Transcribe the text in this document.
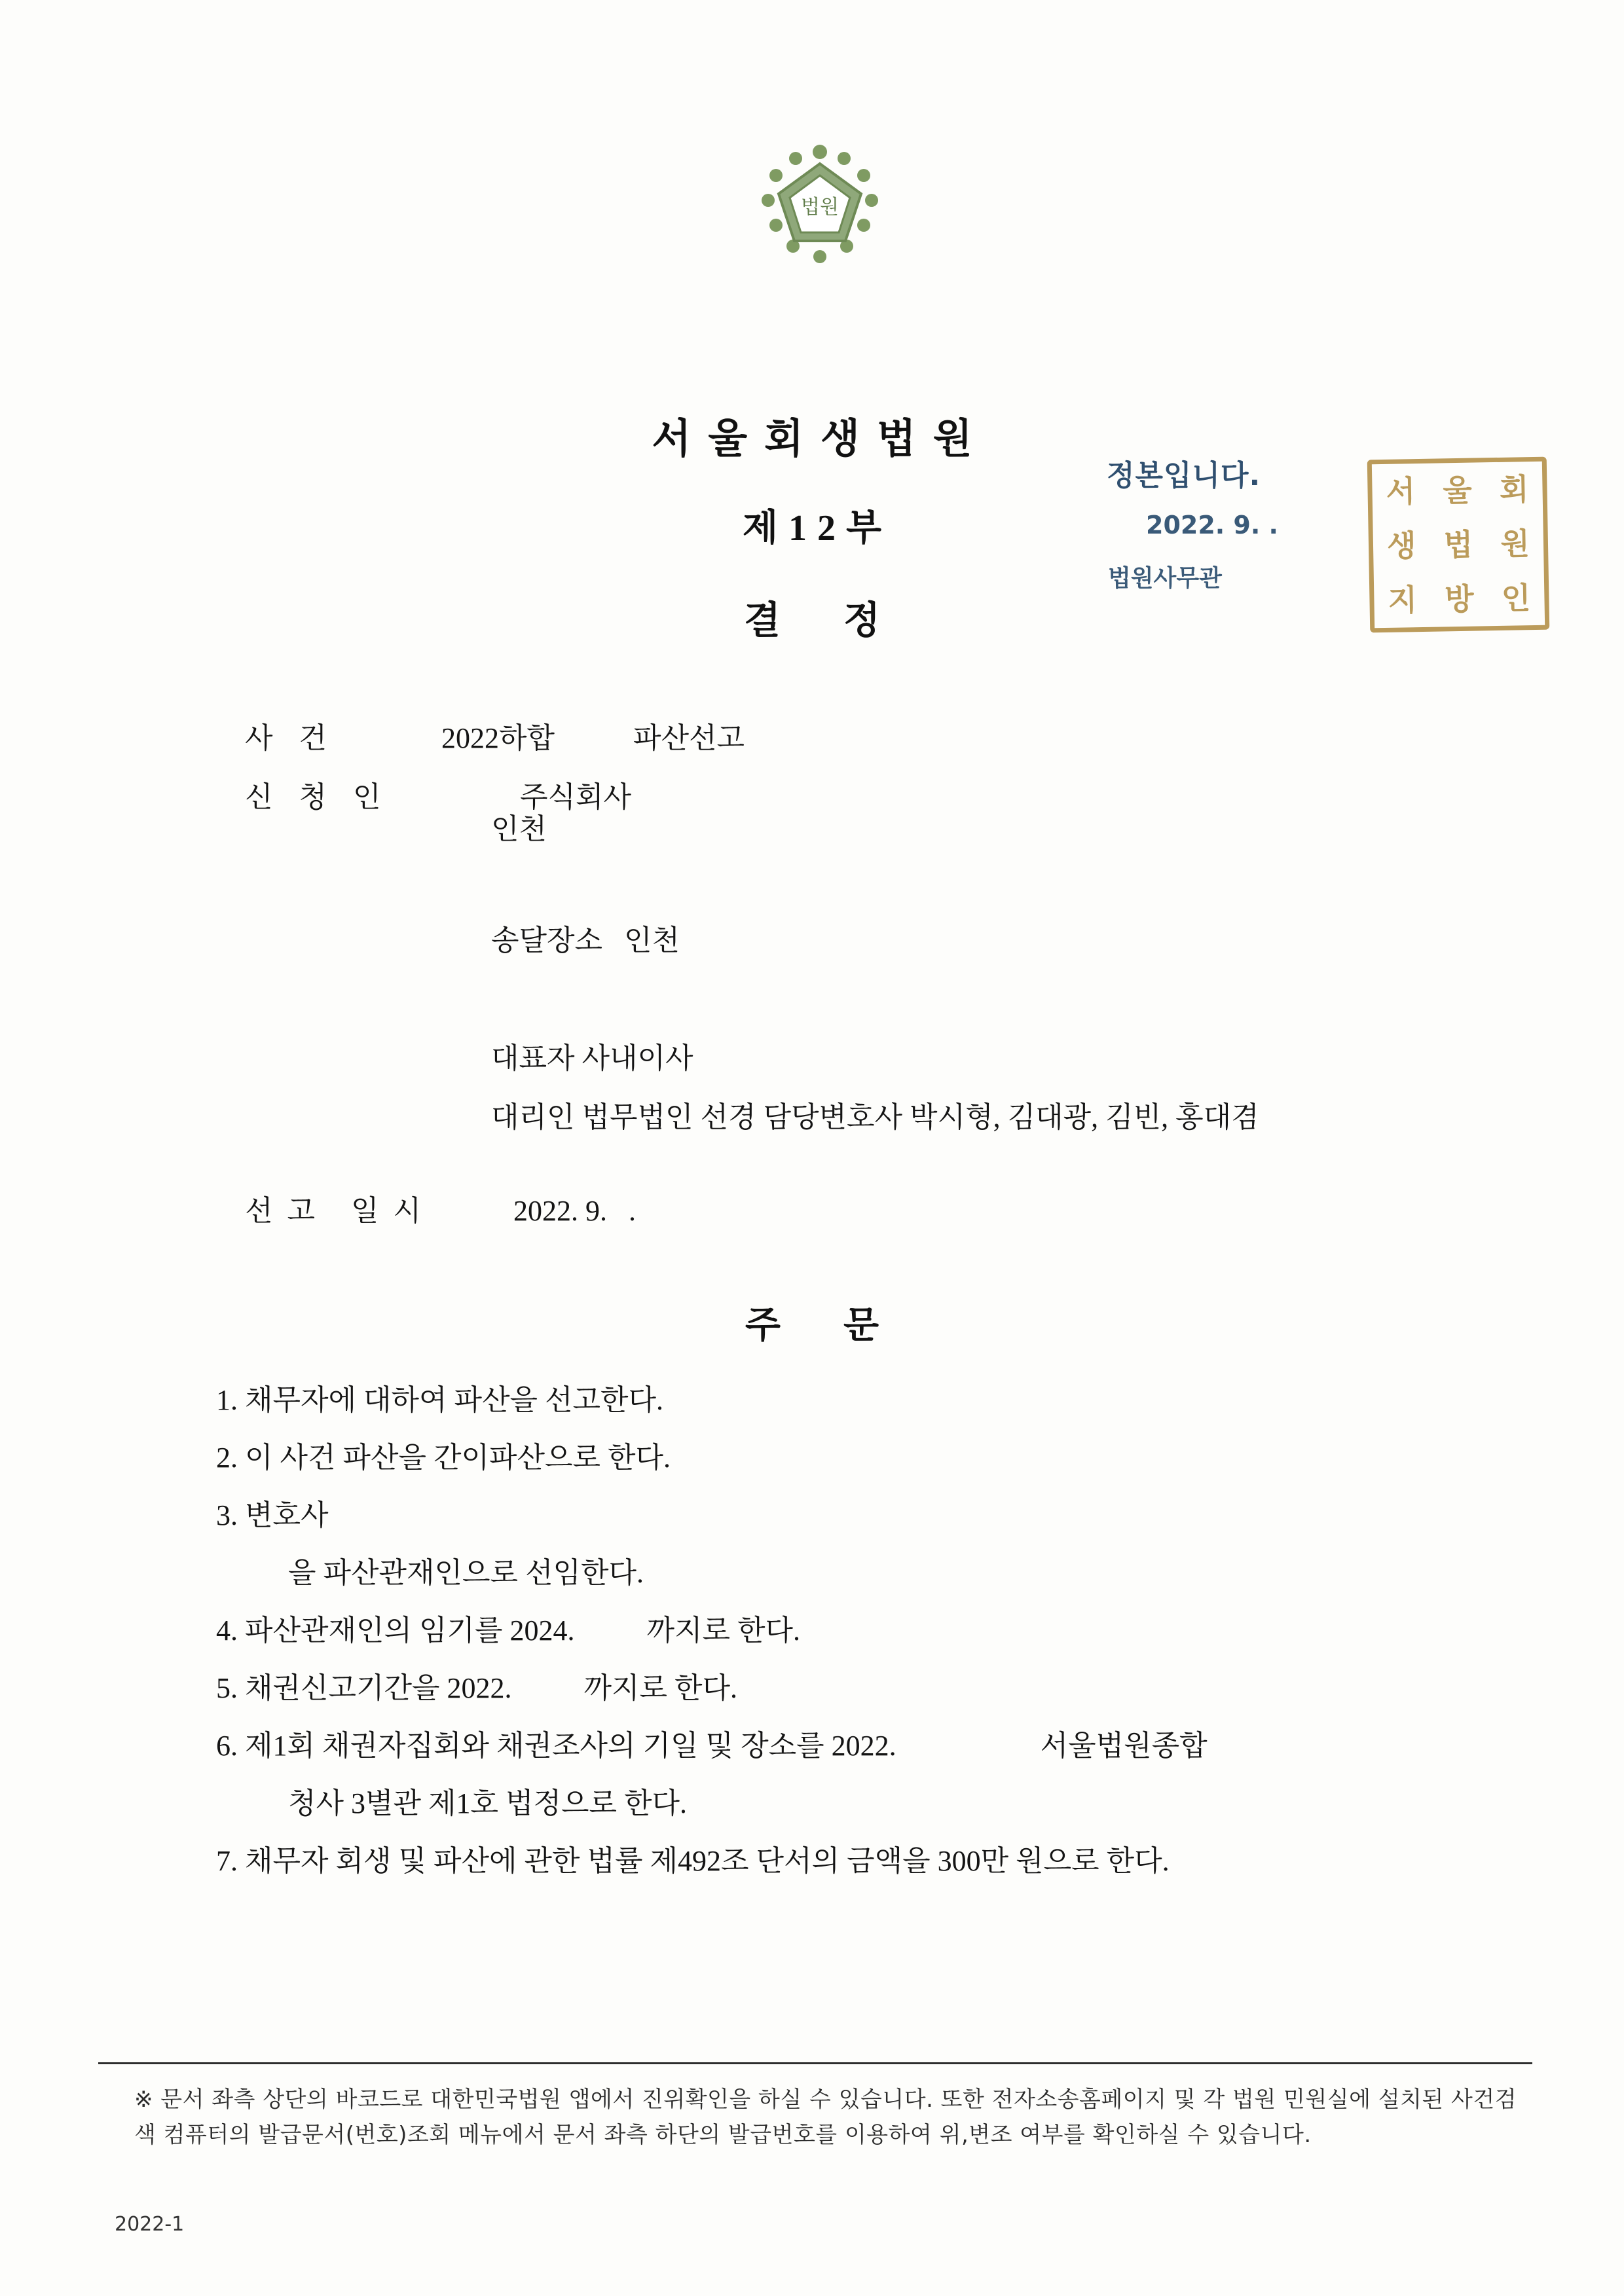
법원
서울회생법원
제12부
결정
정본입니다.
2022. 9. .
법원사무관
서 울 회
생 법 원
지 방 인

사건	2022하합	파산선고

신청인	주식회사

인천
송달장소 인천
대표자 사내이사
대리인 법무법인 선경 담당변호사 박시형, 김대광, 김빈, 홍대겸

선고 일시	2022. 9.   .

주문
1. 채무자에 대하여 파산을 선고한다.
2. 이 사건 파산을 간이파산으로 한다.
3. 변호사
을 파산관재인으로 선임한다.
4. 파산관재인의 임기를 2024.          까지로 한다.
5. 채권신고기간을 2022.          까지로 한다.
6. 제1회 채권자집회와 채권조사의 기일 및 장소를 2022.                    서울법원종합
청사 3별관 제1호 법정으로 한다.
7. 채무자 회생 및 파산에 관한 법률 제492조 단서의 금액을 300만 원으로 한다.
※ 문서 좌측 상단의 바코드로 대한민국법원 앱에서 진위확인을 하실 수 있습니다. 또한 전자소송홈페이지 및 각 법원 민원실에 설치된 사건검색 컴퓨터의 발급문서(번호)조회 메뉴에서 문서 좌측 하단의 발급번호를 이용하여 위,변조 여부를 확인하실 수 있습니다.
2022-1
